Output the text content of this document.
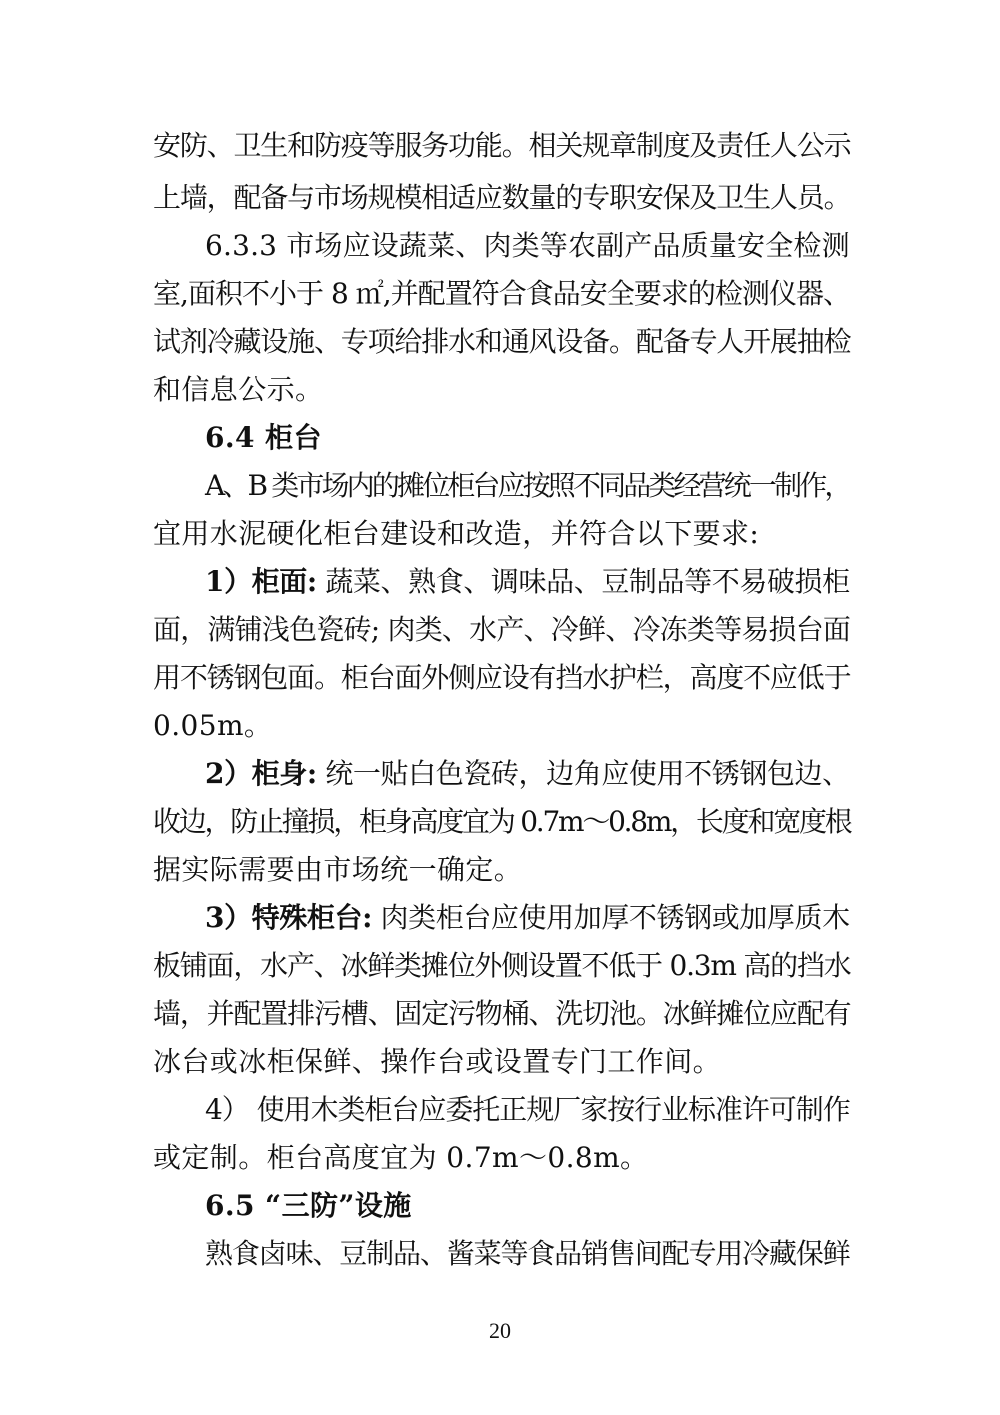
安防、卫生和防疫等服务功能。相关规章制度及责任人公示
上墙，配备与市场规模相适应数量的专职安保及卫生人员。
6.3.3 市场应设蔬菜、肉类等农副产品质量安全检测
室,面积不小于 8 ㎡,并配置符合食品安全要求的检测仪器、
试剂冷藏设施、专项给排水和通风设备。配备专人开展抽检
和信息公示。
6.4 柜台
A、B 类市场内的摊位柜台应按照不同品类经营统一制作，
宜用水泥硬化柜台建设和改造，并符合以下要求:
1）柜面: 蔬菜、熟食、调味品、豆制品等不易破损柜
面，满铺浅色瓷砖; 肉类、水产、冷鲜、冷冻类等易损台面
用不锈钢包面。柜台面外侧应设有挡水护栏，高度不应低于
0.05m。
2）柜身: 统一贴白色瓷砖，边角应使用不锈钢包边、
收边，防止撞损，柜身高度宜为 0.7m～0.8m，长度和宽度根
据实际需要由市场统一确定。
3）特殊柜台: 肉类柜台应使用加厚不锈钢或加厚质木
板铺面，水产、冰鲜类摊位外侧设置不低于 0.3m 高的挡水
墙，并配置排污槽、固定污物桶、洗切池。冰鲜摊位应配有
冰台或冰柜保鲜、操作台或设置专门工作间。
4） 使用木类柜台应委托正规厂家按行业标准许可制作
或定制。柜台高度宜为 0.7m～0.8m。
6.5 “三防”设施
熟食卤味、豆制品、酱菜等食品销售间配专用冷藏保鲜
20
